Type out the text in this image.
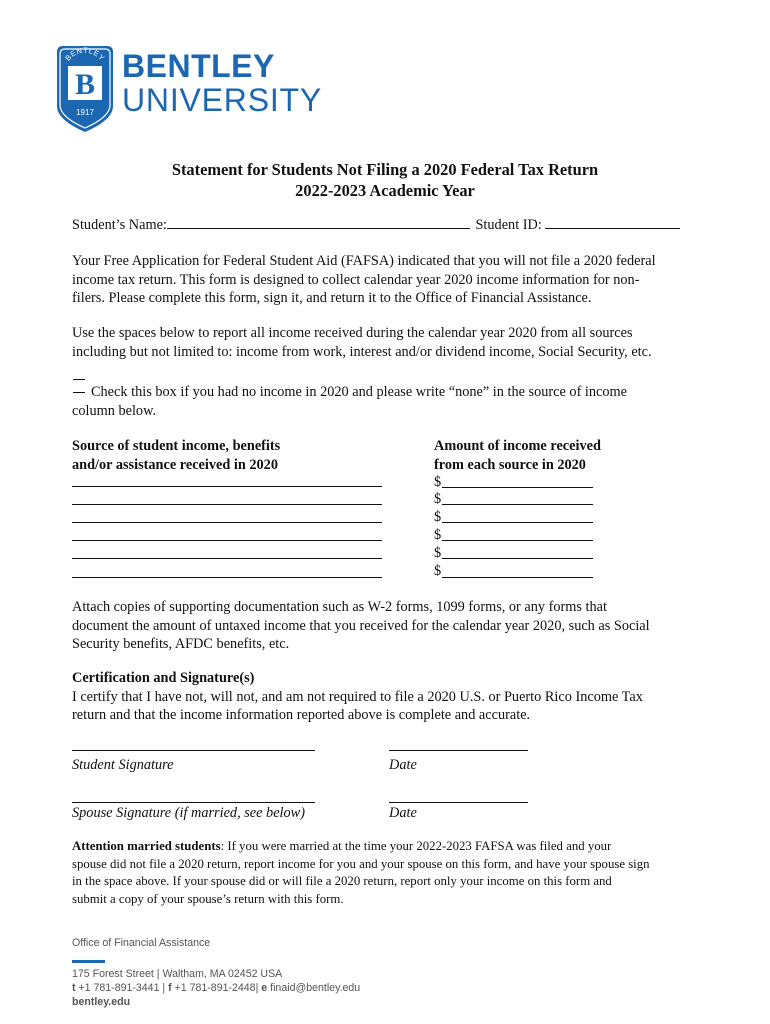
BENTLEY
B
1917
BENTLEY
UNIVERSITY
Statement for Students Not Filing a 2020 Federal Tax Return
2022-2023 Academic Year
Student’s Name:	Student ID:
Your Free Application for Federal Student Aid (FAFSA) indicated that you will not file a 2020 federal
income tax return. This form is designed to collect calendar year 2020 income information for non-
filers. Please complete this form, sign it, and return it to the Office of Financial Assistance.
Use the spaces below to report all income received during the calendar year 2020 from all sources
including but not limited to: income from work, interest and/or dividend income, Social Security, etc.
Check this box if you had no income in 2020 and please write “none” in the source of income
column below.
Source of student income, benefits
and/or assistance received in 2020
Amount of income received
from each source in 2020
$
$
$
$
$
$
Attach copies of supporting documentation such as W-2 forms, 1099 forms, or any forms that
document the amount of untaxed income that you received for the calendar year 2020, such as Social
Security benefits, AFDC benefits, etc.
Certification and Signature(s)
I certify that I have not, will not, and am not required to file a 2020 U.S. or Puerto Rico Income Tax
return and that the income information reported above is complete and accurate.
Student Signature	Date
Spouse Signature (if married, see below)	Date
Attention married students: If you were married at the time your 2022-2023 FAFSA was filed and your
spouse did not file a 2020 return, report income for you and your spouse on this form, and have your spouse sign
in the space above. If your spouse did or will file a 2020 return, report only your income on this form and
submit a copy of your spouse’s return with this form.
Office of Financial Assistance
175 Forest Street | Waltham, MA 02452 USA
t +1 781-891-3441 | f +1 781-891-2448| e finaid@bentley.edu
bentley.edu
